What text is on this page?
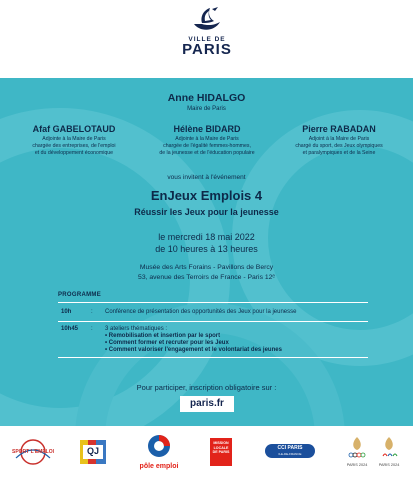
VILLE DE
PARIS
Anne HIDALGO
Maire de Paris
Afaf GABELOTAUD
Adjointe à la Maire de Paris
chargée des entreprises, de l'emploi
et du développement économique
Hélène BIDARD
Adjointe à la Maire de Paris
chargée de l'égalité femmes-hommes,
de la jeunesse et de l'éducation populaire
Pierre RABADAN
Adjoint à la Maire de Paris
chargé du sport, des Jeux olympiques
et paralympiques et de la Seine
vous invitent à l'événement
EnJeux Emplois 4
Réussir les Jeux pour la jeunesse
le mercredi 18 mai 2022
de 10 heures à 13 heures
Musée des Arts Forains - Pavillons de Bercy
53, avenue des Terroirs de France - Paris 12ᵉ
PROGRAMME
10h	: Conférence de présentation des opportunités des Jeux pour la jeunesse
10h45 : 3 ateliers thématiques :
• Remobilisation et insertion par le sport
• Comment former et recruter pour les Jeux
• Comment valoriser l'engagement et le volontariat des jeunes
Pour participer, inscription obligatoire sur :
paris.fr
SPORT L'EMPLOI	QJ
pôle emploi
MISSION LOCALE DE PARIS
CCI PARIS
ILE-DE-FRANCE
PARIS 2024	PARIS 2024
